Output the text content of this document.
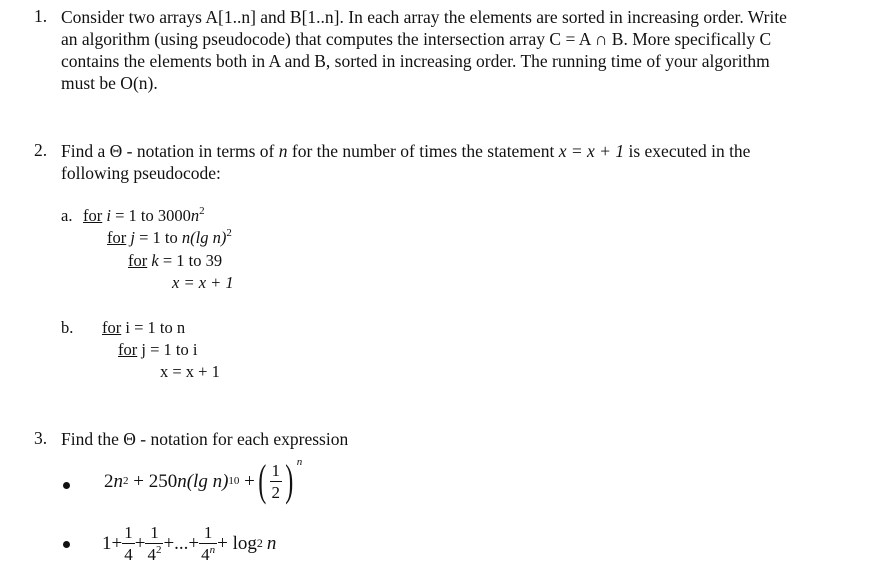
1. Consider two arrays A[1..n] and B[1..n]. In each array the elements are sorted in increasing order. Write
an algorithm (using pseudocode) that computes the intersection array C = A ∩ B. More specifically C
contains the elements both in A and B, sorted in increasing order. The running time of your algorithm
must be O(n).
2. Find a Θ - notation in terms of n for the number of times the statement x = x + 1 is executed in the
following pseudocode:
a. for i = 1 to $3000n^2$
for j = 1 to n(lg n)$^2$
for k = 1 to 39
x = x + 1
b. for i = 1 to n
for j = 1 to i
x = x + 1
3. Find the Θ - notation for each expression
2 n 2 + 250 n(lg n) 10 + ( $\frac{1}{2}$ ) n
$1+ \frac{1}{4} + \frac{1}{4^2}$ +...+ $\frac{1}{4^n} + \log 2$ n
